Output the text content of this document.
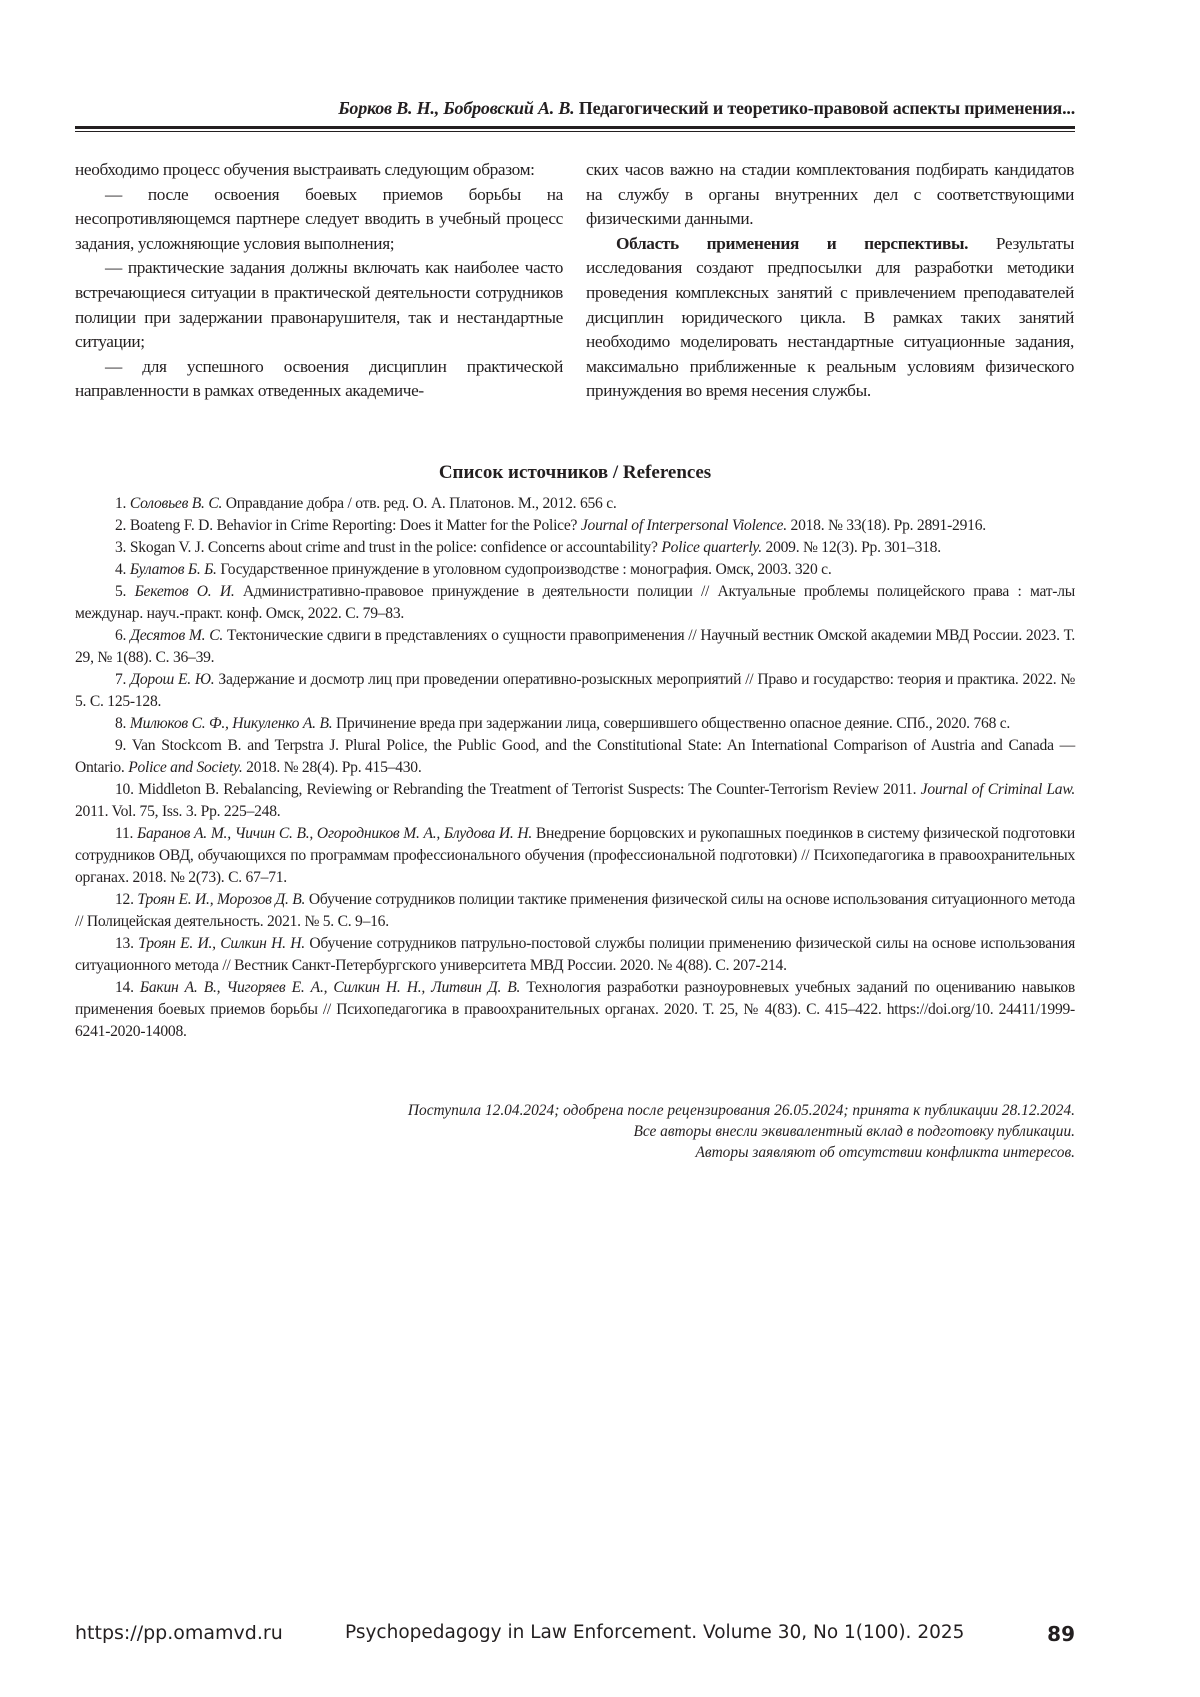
Борков В. Н., Бобровский А. В. Педагогический и теоретико-правовой аспекты применения...

необходимо процесс обучения выстраивать следующим образом:

— после освоения боевых приемов борьбы на несопротивляющемся партнере следует вводить в учебный процесс задания, усложняющие условия выполнения;

— практические задания должны включать как наиболее часто встречающиеся ситуации в практической деятельности сотрудников полиции при задержании правонарушителя, так и нестандартные ситуации;

— для успешного освоения дисциплин практической направленности в рамках отведенных академиче-

ских часов важно на стадии комплектования подбирать кандидатов на службу в органы внутренних дел с соответствующими физическими данными.

Область применения и перспективы. Результаты исследования создают предпосылки для разработки методики проведения комплексных занятий с привлечением преподавателей дисциплин юридического цикла. В рамках таких занятий необходимо моделировать нестандартные ситуационные задания, максимально приближенные к реальным условиям физического принуждения во время несения службы.

Список источников / References

1. Соловьев В. С. Оправдание добра / отв. ред. О. А. Платонов. М., 2012. 656 с.

2. Boateng F. D. Behavior in Crime Reporting: Does it Matter for the Police? Journal of Interpersonal Violence. 2018. № 33(18). Pp. 2891-2916.

3. Skogan V. J. Concerns about crime and trust in the police: confidence or accountability? Police quarterly. 2009. № 12(3). Pp. 301–318.

4. Булатов Б. Б. Государственное принуждение в уголовном судопроизводстве : монография. Омск, 2003. 320 с.

5. Бекетов О. И. Административно-правовое принуждение в деятельности полиции // Актуальные проблемы полицейского права : мат-лы междунар. науч.-практ. конф. Омск, 2022. С. 79–83.

6. Десятов М. С. Тектонические сдвиги в представлениях о сущности правоприменения // Научный вестник Омской академии МВД России. 2023. Т. 29, № 1(88). С. 36–39.

7. Дорош Е. Ю. Задержание и досмотр лиц при проведении оперативно-розыскных мероприятий // Право и государство: теория и практика. 2022. № 5. С. 125-128.

8. Милюков С. Ф., Никуленко А. В. Причинение вреда при задержании лица, совершившего общественно опасное деяние. СПб., 2020. 768 с.

9. Van Stockcom B. and Terpstra J. Plural Police, the Public Good, and the Constitutional State: An International Comparison of Austria and Canada — Ontario. Police and Society. 2018. № 28(4). Pp. 415–430.

10. Middleton B. Rebalancing, Reviewing or Rebranding the Treatment of Terrorist Suspects: The Counter-Terrorism Review 2011. Journal of Criminal Law. 2011. Vol. 75, Iss. 3. Pp. 225–248.

11. Баранов А. М., Чичин С. В., Огородников М. А., Блудова И. Н. Внедрение борцовских и рукопашных поединков в систему физической подготовки сотрудников ОВД, обучающихся по программам профессионального обучения (профессиональной подготовки) // Психопедагогика в правоохранительных органах. 2018. № 2(73). С. 67–71.

12. Троян Е. И., Морозов Д. В. Обучение сотрудников полиции тактике применения физической силы на основе использования ситуационного метода // Полицейская деятельность. 2021. № 5. С. 9–16.

13. Троян Е. И., Силкин Н. Н. Обучение сотрудников патрульно-постовой службы полиции применению физической силы на основе использования ситуационного метода // Вестник Санкт-Петербургского университета МВД России. 2020. № 4(88). С. 207-214.

14. Бакин А. В., Чигоряев Е. А., Силкин Н. Н., Литвин Д. В. Технология разработки разноуровневых учебных заданий по оцениванию навыков применения боевых приемов борьбы // Психопедагогика в правоохранительных органах. 2020. Т. 25, № 4(83). С. 415–422. https://doi.org/10. 24411/1999-6241-2020-14008.

Поступила 12.04.2024; одобрена после рецензирования 26.05.2024; принята к публикации 28.12.2024.
Все авторы внесли эквивалентный вклад в подготовку публикации.
Авторы заявляют об отсутствии конфликта интересов.
https://pp.omamvd.ru	Psychopedagogy in Law Enforcement. Volume 30, No 1(100). 2025	89
